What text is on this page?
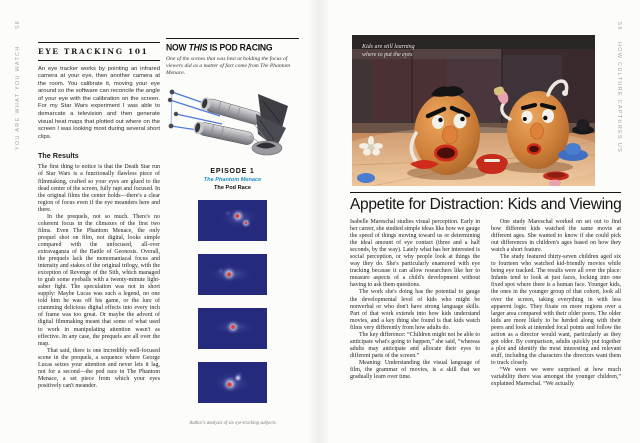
58
YOU ARE WHAT YOU WATCH
59
HOW CULTURE CAPTURES US
EYE TRACKING 101
An eye tracker works by pointing an infrared camera at your eye, then another camera at the room. You calibrate it, moving your eye around so the software can reconcile the angle of your eye with the calibration on the screen. For my Star Wars experiment I was able to demarcate a television and then generate visual heat maps that plotted out where on the screen I was looking most during several short clips.
The Results

The first thing to notice is that the Death Star run of Star Wars is a functionally flawless piece of filmmaking, crafted so your eyes are glued to the dead center of the screen, fully rapt and focused. In the original films the center holds—there's a clear region of focus even if the eye meanders here and there.

In the prequels, not so much. There's no coherent focus in the climaxes of the first two films. Even The Phantom Menace, the only prequel shot on film, not digital, looks simple compared with the unfocused, all-over extravaganza of the Battle of Geonosis. Overall, the prequels lack the monomaniacal focus and intensity and stakes of the original trilogy, with the exception of Revenge of the Sith, which managed to grab some eyeballs with a twenty-minute light-saber fight. The speculation was not in short supply: Maybe Lucas was such a legend, no one told him he was off his game, or the lure of cramming delicious digital effects into every inch of frame was too great. Or maybe the advent of digital filmmaking meant that some of what used to work in manipulating attention wasn't as effective. In any case, the prequels are all over the map.

That said, there is one incredibly well-focused scene in the prequels, a sequence where George Lucas seizes your attention and never lets it lag, not for a second—the pod race in The Phantom Menace, a set piece from which your eyes positively can't meander.

NOW THIS IS POD RACING
One of the scenes that was best at holding the focus of viewers did as a matter of fact come from The Phantom Menace.
EPISODE 1
The Phantom Menace
The Pod Race
Author's analysis of six eye-tracking subjects
Kids are still learning
where to put the eyes
Appetite for Distraction: Kids and Viewing

Isabelle Mareschal studies visual perception. Early in her career, she studied simple ideas like how we gauge the speed of things moving toward us or determining the ideal amount of eye contact (three and a half seconds, by the way). Lately what has her interested is social perception, or why people look at things the way they do. She's particularly enamored with eye tracking because it can allow researchers like her to measure aspects of a child's development without having to ask them questions.

The work she's doing has the potential to gauge the developmental level of kids who might be nonverbal or who don't have strong language skills. Part of that work extends into how kids understand movies, and a key thing she found is that kids watch films very differently from how adults do.

The key difference: “Children might not be able to anticipate what's going to happen,” she said, “whereas adults may anticipate and allocate their eyes to different parts of the screen.”

Meaning: Understanding the visual language of film, the grammar of movies, is a skill that we gradually learn over time.

One study Mareschal worked on set out to find how different kids watched the same movie at different ages. She wanted to know if she could pick out differences in children's ages based on how they watch a short feature.

The study featured thirty-seven children aged six to fourteen who watched kid-friendly movies while being eye tracked. The results were all over the place: Infants tend to look at just faces, locking into one fixed spot where there is a human face. Younger kids, the ones in the younger group of that cohort, look all over the screen, taking everything in with less apparent logic. They fixate on more regions over a larger area compared with their older peers. The older kids are more likely to be herded along with their peers and look at intended focal points and follow the action as a director would want, particularly as they got older. By comparison, adults quickly put together a plot and identify the most interesting and relevant stuff, including the characters the directors want them to track closely.

“We were we were surprised at how much variability there was amongst the younger children,” explained Mareschal. “We actually
